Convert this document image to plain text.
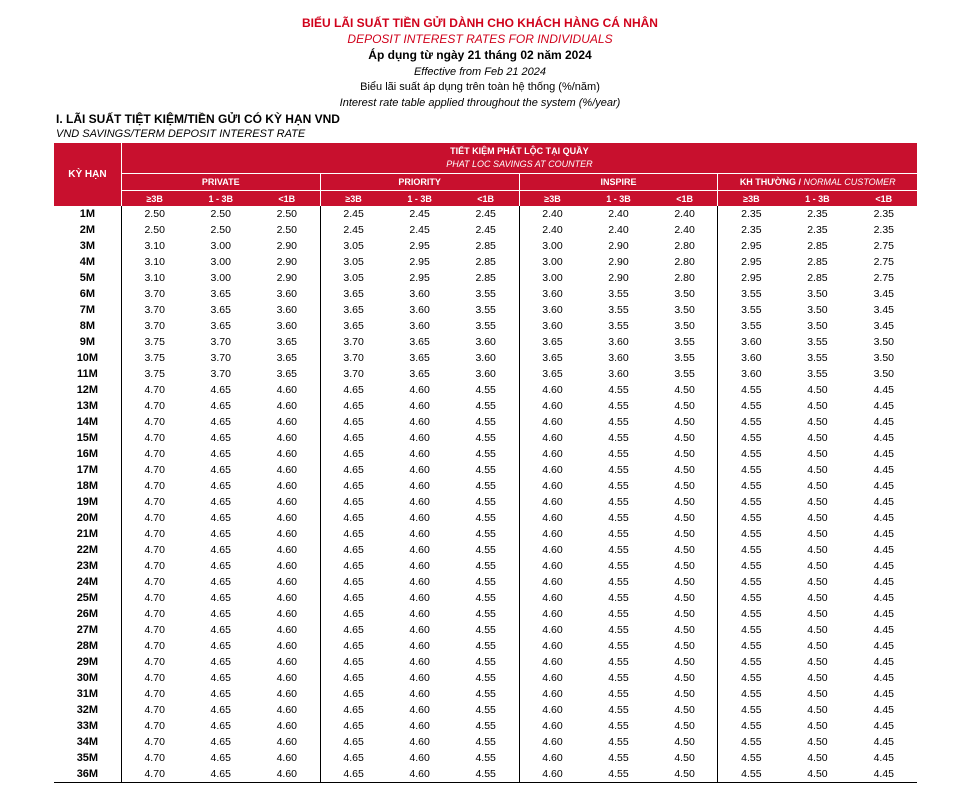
BIỂU LÃI SUẤT TIỀN GỬI DÀNH CHO KHÁCH HÀNG CÁ NHÂN
DEPOSIT INTEREST RATES FOR INDIVIDUALS
Áp dụng từ ngày 21 tháng 02 năm 2024
Effective from Feb 21 2024
Biểu lãi suất áp dụng trên toàn hệ thống (%/năm)
Interest rate table applied throughout the system (%/year)
I. LÃI SUẤT TIỆT KIỆM/TIỀN GỬI CÓ KỲ HẠN VND
VND SAVINGS/TERM DEPOSIT INTEREST RATE
KỲ HẠN	TIẾT KIỆM PHÁT LỘC TẠI QUẦY
PHAT LOC SAVINGS AT COUNTER											

	PRIVATE			PRIORITY			INSPIRE			KH THƯỜNG / NORMAL CUSTOMER		
	≥3B	1 - 3B	<1B	≥3B	1 - 3B	<1B	≥3B	1 - 3B	<1B	≥3B	1 - 3B	<1B
1M	2.50	2.50	2.50	2.45	2.45	2.45	2.40	2.40	2.40	2.35	2.35	2.35
2M	2.50	2.50	2.50	2.45	2.45	2.45	2.40	2.40	2.40	2.35	2.35	2.35
3M	3.10	3.00	2.90	3.05	2.95	2.85	3.00	2.90	2.80	2.95	2.85	2.75
4M	3.10	3.00	2.90	3.05	2.95	2.85	3.00	2.90	2.80	2.95	2.85	2.75
5M	3.10	3.00	2.90	3.05	2.95	2.85	3.00	2.90	2.80	2.95	2.85	2.75
6M	3.70	3.65	3.60	3.65	3.60	3.55	3.60	3.55	3.50	3.55	3.50	3.45
7M	3.70	3.65	3.60	3.65	3.60	3.55	3.60	3.55	3.50	3.55	3.50	3.45
8M	3.70	3.65	3.60	3.65	3.60	3.55	3.60	3.55	3.50	3.55	3.50	3.45
9M	3.75	3.70	3.65	3.70	3.65	3.60	3.65	3.60	3.55	3.60	3.55	3.50
10M	3.75	3.70	3.65	3.70	3.65	3.60	3.65	3.60	3.55	3.60	3.55	3.50
11M	3.75	3.70	3.65	3.70	3.65	3.60	3.65	3.60	3.55	3.60	3.55	3.50
12M	4.70	4.65	4.60	4.65	4.60	4.55	4.60	4.55	4.50	4.55	4.50	4.45
13M	4.70	4.65	4.60	4.65	4.60	4.55	4.60	4.55	4.50	4.55	4.50	4.45
14M	4.70	4.65	4.60	4.65	4.60	4.55	4.60	4.55	4.50	4.55	4.50	4.45
15M	4.70	4.65	4.60	4.65	4.60	4.55	4.60	4.55	4.50	4.55	4.50	4.45
16M	4.70	4.65	4.60	4.65	4.60	4.55	4.60	4.55	4.50	4.55	4.50	4.45
17M	4.70	4.65	4.60	4.65	4.60	4.55	4.60	4.55	4.50	4.55	4.50	4.45
18M	4.70	4.65	4.60	4.65	4.60	4.55	4.60	4.55	4.50	4.55	4.50	4.45
19M	4.70	4.65	4.60	4.65	4.60	4.55	4.60	4.55	4.50	4.55	4.50	4.45
20M	4.70	4.65	4.60	4.65	4.60	4.55	4.60	4.55	4.50	4.55	4.50	4.45
21M	4.70	4.65	4.60	4.65	4.60	4.55	4.60	4.55	4.50	4.55	4.50	4.45
22M	4.70	4.65	4.60	4.65	4.60	4.55	4.60	4.55	4.50	4.55	4.50	4.45
23M	4.70	4.65	4.60	4.65	4.60	4.55	4.60	4.55	4.50	4.55	4.50	4.45
24M	4.70	4.65	4.60	4.65	4.60	4.55	4.60	4.55	4.50	4.55	4.50	4.45
25M	4.70	4.65	4.60	4.65	4.60	4.55	4.60	4.55	4.50	4.55	4.50	4.45
26M	4.70	4.65	4.60	4.65	4.60	4.55	4.60	4.55	4.50	4.55	4.50	4.45
27M	4.70	4.65	4.60	4.65	4.60	4.55	4.60	4.55	4.50	4.55	4.50	4.45
28M	4.70	4.65	4.60	4.65	4.60	4.55	4.60	4.55	4.50	4.55	4.50	4.45
29M	4.70	4.65	4.60	4.65	4.60	4.55	4.60	4.55	4.50	4.55	4.50	4.45
30M	4.70	4.65	4.60	4.65	4.60	4.55	4.60	4.55	4.50	4.55	4.50	4.45
31M	4.70	4.65	4.60	4.65	4.60	4.55	4.60	4.55	4.50	4.55	4.50	4.45
32M	4.70	4.65	4.60	4.65	4.60	4.55	4.60	4.55	4.50	4.55	4.50	4.45
33M	4.70	4.65	4.60	4.65	4.60	4.55	4.60	4.55	4.50	4.55	4.50	4.45
34M	4.70	4.65	4.60	4.65	4.60	4.55	4.60	4.55	4.50	4.55	4.50	4.45
35M	4.70	4.65	4.60	4.65	4.60	4.55	4.60	4.55	4.50	4.55	4.50	4.45
36M	4.70	4.65	4.60	4.65	4.60	4.55	4.60	4.55	4.50	4.55	4.50	4.45
